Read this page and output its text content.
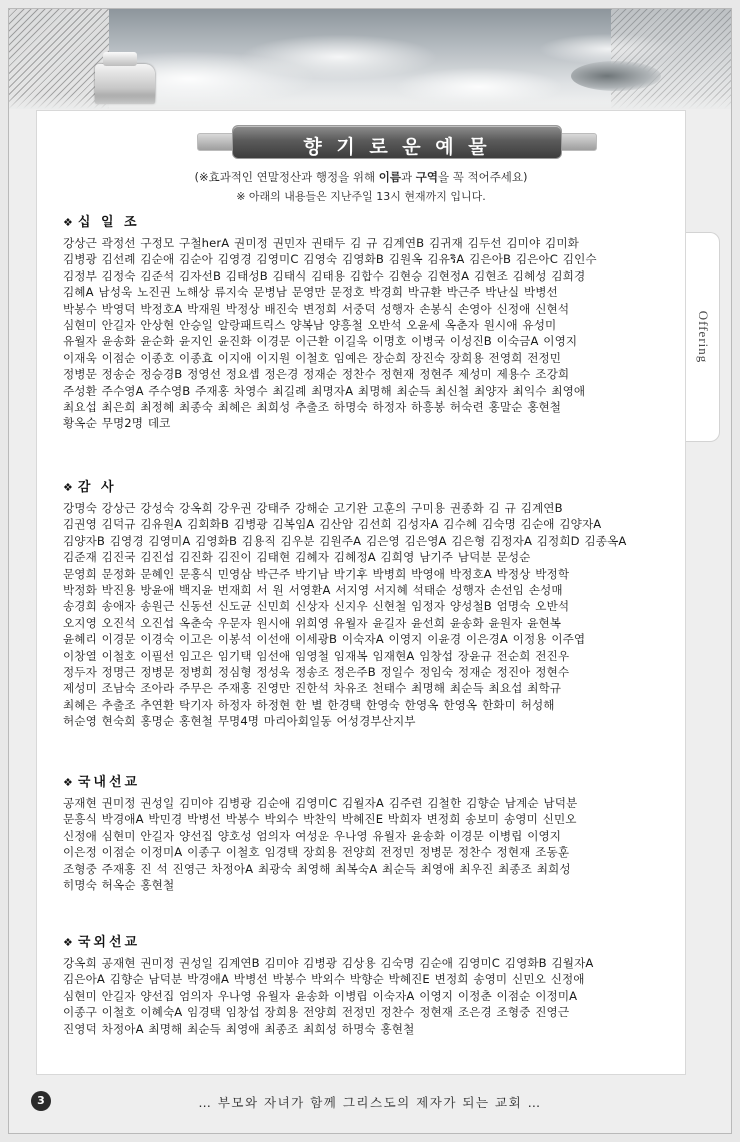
Offering
향 기 로 운 예 물
(※효과적인 연말정산과 행정을 위해 이름과 구역을 꼭 적어주세요)
※ 아래의 내용들은 지난주일 13시 현재까지 입니다.
❖ 십 일 조
강상근 곽정선 구정모 구철herA 권미정 권민자 권태두 김 규 김계연B 김귀재 김두선 김미야 김미화
김병광 김선례 김순애 김순아 김영경 김영미C 김영숙 김영화B 김원옥 김유ริA 김은아B 김은아C 김인수
김정부 김정숙 김준석 김자선B 김태성B 김태식 김태용 김합수 김현승 김현정A 김현조 김혜성 김희경
김혜A 남성욱 노진권 노해상 류지숙 문병남 문영만 문정호 박경희 박규환 박근주 박난실 박병선
박봉수 박영덕 박정호A 박재원 박정상 배진숙 변정희 서중덕 성행자 손봉식 손영아 신정애 신현석
심현미 안길자 안상현 안승일 알랑패트릭스 양복남 양흥철 오반석 오윤세 옥춘자 원시애 유성미
유월자 윤송화 윤순화 윤지인 윤진화 이경문 이근환 이길욱 이명호 이병국 이성진B 이숙금A 이영지
이재욱 이점순 이종호 이종효 이지애 이지원 이철호 임예은 장순희 장진숙 장희용 전영희 전정민
정병문 정송순 정승경B 정영선 정요셉 정은경 정재순 정찬수 정현재 정현주 제성미 제용수 조강희
주성환 주수영A 주수영B 주재홍 차영수 최길례 최명자A 최명해 최순득 최신철 최양자 최익수 최영애
최요섭 최은희 최정혜 최종숙 최혜은 최희성 추출조 하명숙 하정자 하흥봉 허숙련 홍말순 홍현철
황옥순 무명2명 데코
❖ 감 사
강명숙 강상근 강성숙 강옥희 강우권 강태주 강해순 고기완 고훈의 구미용 권종화 김 규 김계연B
김권영 김덕규 김유원A 김회화B 김병광 김복임A 김산암 김선희 김성자A 김수혜 김숙명 김순애 김양자A
김양자B 김영경 김영미A 김영화B 김용직 김우분 김원주A 김은영 김은영A 김은형 김정자A 김정희D 김종옥A
김준재 김진국 김진섭 김진화 김진이 김태현 김혜자 김혜정A 김희영 남기주 남덕분 문성순
문영희 문정화 문혜인 문홍식 민영삼 박근주 박기남 박기후 박병희 박영애 박정호A 박정상 박정학
박정화 박진용 방윤애 백지윤 번재희 서 원 서영환A 서지영 서지혜 석태순 성행자 손선임 손성매
송경희 송애자 송원근 신동선 신도균 신민희 신상자 신지우 신현철 임정자 양성철B 엄명숙 오반석
오지영 오진석 오진섭 옥춘숙 우문자 원시애 위희영 유월자 윤길자 윤선희 윤송화 윤원자 윤현복
윤혜리 이경문 이경숙 이고은 이봉석 이선애 이세광B 이숙자A 이영지 이윤경 이은경A 이정용 이주엽
이창열 이철호 이필선 임고은 임기택 임선애 임영철 임재복 임재현A 임창섭 장윤규 전순희 전진우
정두자 정명근 정병문 정병희 정심형 정성욱 정송조 정은주B 정일수 정임숙 정재순 정진아 정현수
제성미 조남숙 조아라 주무은 주재홍 진영만 진한석 차유조 천태수 최명해 최순득 최요섭 최학규
최혜은 추출조 추연환 탁기자 하정자 하정현 한 별 한경택 한영숙 한영옥 한영옥 한화미 허성해
허순영 현숙희 홍명순 홍현철 무명4명 마리아회일동 어성경부산지부
❖ 국내선교
공재현 권미정 권성일 김미야 김병광 김순애 김영미C 김월자A 김주련 김철한 김향순 남계순 남덕분
문흥식 박경애A 박민경 박병선 박봉수 박외수 박찬익 박혜진E 박희자 변정희 송보미 송영미 신민오
신정애 심현미 안길자 양선집 양호성 엄의자 여성운 우나영 유월자 윤송화 이경문 이병립 이영지
이은정 이점순 이정미A 이종구 이철호 임경택 장희용 전양희 전정민 정병문 정찬수 정현재 조동훈
조형중 주재홍 진 석 진영근 차정아A 최광숙 최영해 최복숙A 최순득 최영애 최우진 최종조 최희성
히명숙 허옥순 홍현철
❖ 국외선교
강옥희 공재현 권미정 권성일 김계연B 김미야 김병광 김상용 김숙명 김순애 김영미C 김영화B 김월자A
김은아A 김향순 남덕분 박경애A 박병선 박봉수 박외수 박향순 박혜진E 변정희 송영미 신민오 신정애
심현미 안길자 양선집 엄의자 우나영 유월자 윤송화 이병립 이숙자A 이영지 이정춘 이점순 이정미A
이종구 이철호 이혜숙A 임경택 임창섭 장희용 전양희 전정민 정찬수 정현재 조은경 조형중 진영근
진영덕 차정아A 최명해 최순득 최영애 최종조 최희성 하명숙 홍현철
3	… 부모와 자녀가 함께 그리스도의 제자가 되는 교회 …
